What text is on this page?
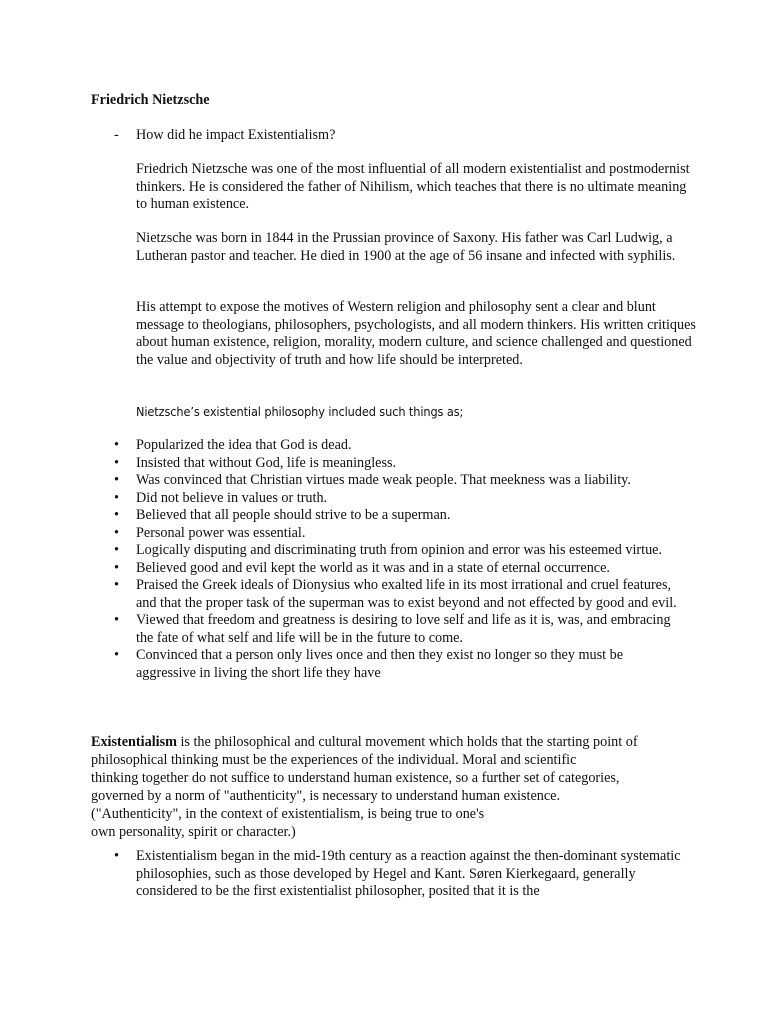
Friedrich Nietzsche
- How did he impact Existentialism?

Friedrich Nietzsche was one of the most influential of all modern existentialist and postmodernist thinkers. He is considered the father of Nihilism, which teaches that there is no ultimate meaning to human existence.

Nietzsche was born in 1844 in the Prussian province of Saxony. His father was Carl Ludwig, a Lutheran pastor and teacher. He died in 1900 at the age of 56 insane and infected with syphilis.

His attempt to expose the motives of Western religion and philosophy sent a clear and blunt message to theologians, philosophers, psychologists, and all modern thinkers. His written critiques about human existence, religion, morality, modern culture, and science challenged and questioned the value and objectivity of truth and how life should be interpreted.

Nietzsche’s existential philosophy included such things as;

• Popularized the idea that God is dead.
• Insisted that without God, life is meaningless.
• Was convinced that Christian virtues made weak people. That meekness was a liability.
• Did not believe in values or truth.
• Believed that all people should strive to be a superman.
• Personal power was essential.
• Logically disputing and discriminating truth from opinion and error was his esteemed virtue.
• Believed good and evil kept the world as it was and in a state of eternal occurrence.
• Praised the Greek ideals of Dionysius who exalted life in its most irrational and cruel features, and that the proper task of the superman was to exist beyond and not effected by good and evil.
• Viewed that freedom and greatness is desiring to love self and life as it is, was, and embracing the fate of what self and life will be in the future to come.
• Convinced that a person only lives once and then they exist no longer so they must be aggressive in living the short life they have

Existentialism is the philosophical and cultural movement which holds that the starting point of
philosophical thinking must be the experiences of the individual. Moral and scientific
thinking together do not suffice to understand human existence, so a further set of categories,
governed by a norm of "authenticity", is necessary to understand human existence.
("Authenticity", in the context of existentialism, is being true to one's
own personality, spirit or character.)

• Existentialism began in the mid-19th century as a reaction against the then-dominant systematic philosophies, such as those developed by Hegel and Kant. Søren Kierkegaard, generally considered to be the first existentialist philosopher, posited that it is the
